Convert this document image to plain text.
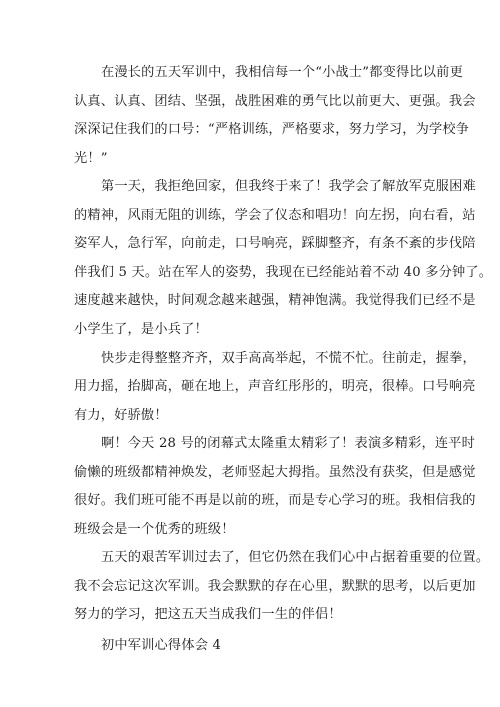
在漫长的五天军训中，我相信每一个“小战士”都变得比以前更
认真、认真、团结、坚强，战胜困难的勇气比以前更大、更强。我会
深深记住我们的口号：“严格训练，严格要求，努力学习，为学校争
光！”
第一天，我拒绝回家，但我终于来了！我学会了解放军克服困难
的精神，风雨无阻的训练，学会了仪态和唱功！向左拐，向右看，站
姿军人，急行军，向前走，口号响亮，踩脚整齐，有条不紊的步伐陪
伴我们 5 天。站在军人的姿势，我现在已经能站着不动 40 多分钟了。
速度越来越快，时间观念越来越强，精神饱满。我觉得我们已经不是
小学生了，是小兵了！
快步走得整整齐齐，双手高高举起，不慌不忙。往前走，握拳，
用力摇，抬脚高，砸在地上，声音红彤彤的，明亮，很棒。口号响亮
有力，好骄傲！
啊！今天 28 号的闭幕式太隆重太精彩了！表演多精彩，连平时
偷懒的班级都精神焕发，老师竖起大拇指。虽然没有获奖，但是感觉
很好。我们班可能不再是以前的班，而是专心学习的班。我相信我的
班级会是一个优秀的班级！
五天的艰苦军训过去了，但它仍然在我们心中占据着重要的位置。
我不会忘记这次军训。我会默默的存在心里，默默的思考，以后更加
努力的学习，把这五天当成我们一生的伴侣！
初中军训心得体会 4
